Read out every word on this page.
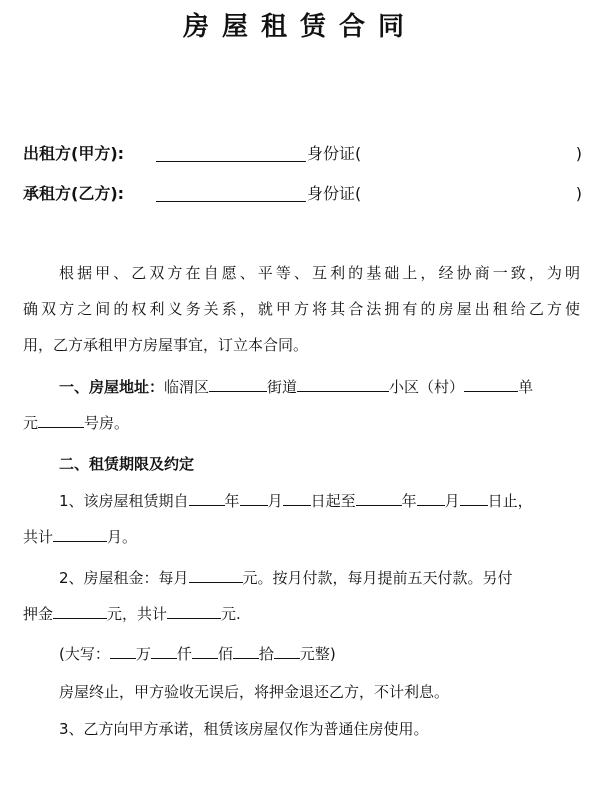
房屋租赁合同
出租方(甲方):	身份证(	)
承租方(乙方):	身份证(	)
根据甲、乙双方在自愿、平等、互利的基础上，经协商一致，为明
确双方之间的权利义务关系，就甲方将其合法拥有的房屋出租给乙方使
用，乙方承租甲方房屋事宜，订立本合同。
一、房屋地址：临渭区	街道	小区（村）	单
元	号房。
二、租赁期限及约定
1、该房屋租赁期自 年 月 日起至	年 月 日止，
共计	月。
2、房屋租金：每月	元。按月付款，每月提前五天付款。另付
押金	元，共计	元.
(大写： 万 仟 佰 拾 元整)
房屋终止，甲方验收无误后，将押金退还乙方，不计利息。
3、乙方向甲方承诺，租赁该房屋仅作为普通住房使用。
